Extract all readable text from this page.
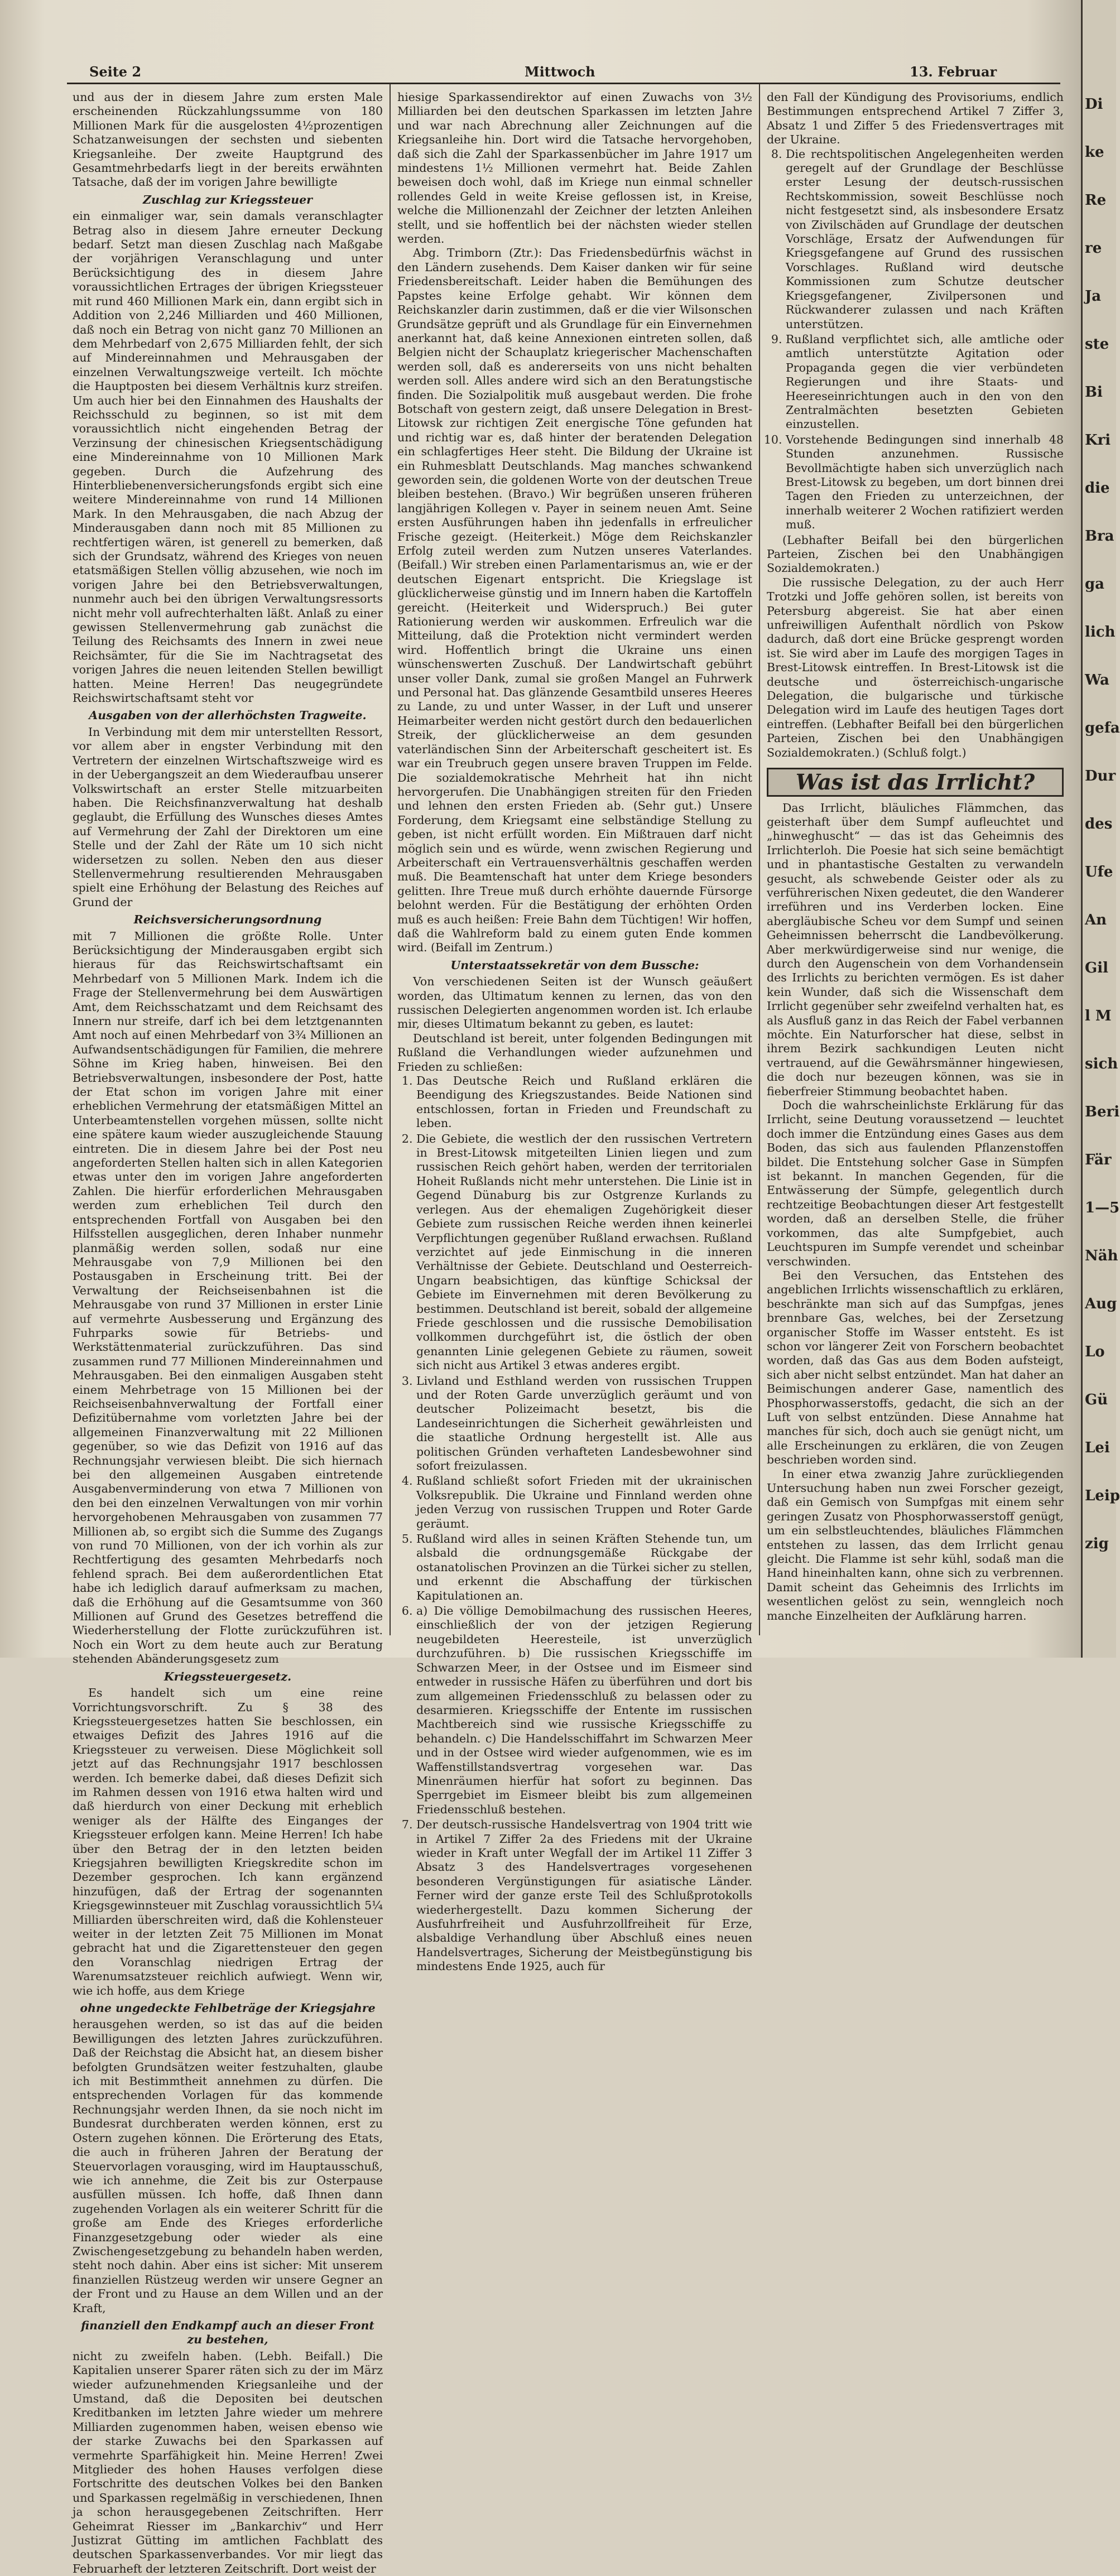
Seite 2	Mittwoch	13. Februar

und aus der in diesem Jahre zum ersten Male erscheinenden Rückzahlungssumme von 180 Millionen Mark für die ausgelosten 4½prozentigen Schatzanweisungen der sechsten und siebenten Kriegsanleihe. Der zweite Hauptgrund des Gesamtmehrbedarfs liegt in der bereits erwähnten Tatsache, daß der im vorigen Jahre bewilligte

Zuschlag zur Kriegssteuer

ein einmaliger war, sein damals veranschlagter Betrag also in diesem Jahre erneuter Deckung bedarf. Setzt man diesen Zuschlag nach Maßgabe der vorjährigen Veranschlagung und unter Berücksichtigung des in diesem Jahre voraussichtlichen Ertrages der übrigen Kriegssteuer mit rund 460 Millionen Mark ein, dann ergibt sich in Addition von 2,246 Milliarden und 460 Millionen, daß noch ein Betrag von nicht ganz 70 Millionen an dem Mehrbedarf von 2,675 Milliarden fehlt, der sich auf Mindereinnahmen und Mehrausgaben der einzelnen Verwaltungszweige verteilt. Ich möchte die Hauptposten bei diesem Verhältnis kurz streifen. Um auch hier bei den Einnahmen des Haushalts der Reichsschuld zu beginnen, so ist mit dem voraussichtlich nicht eingehenden Betrag der Verzinsung der chinesischen Kriegsentschädigung eine Mindereinnahme von 10 Millionen Mark gegeben. Durch die Aufzehrung des Hinterbliebenenversicherungsfonds ergibt sich eine weitere Mindereinnahme von rund 14 Millionen Mark. In den Mehrausgaben, die nach Abzug der Minderausgaben dann noch mit 85 Millionen zu rechtfertigen wären, ist generell zu bemerken, daß sich der Grundsatz, während des Krieges von neuen etatsmäßigen Stellen völlig abzusehen, wie noch im vorigen Jahre bei den Betriebsverwaltungen, nunmehr auch bei den übrigen Verwaltungsressorts nicht mehr voll aufrechterhalten läßt. Anlaß zu einer gewissen Stellenvermehrung gab zunächst die Teilung des Reichsamts des Innern in zwei neue Reichsämter, für die Sie im Nachtragsetat des vorigen Jahres die neuen leitenden Stellen bewilligt hatten. Meine Herren! Das neugegründete Reichswirtschaftsamt steht vor

Ausgaben von der allerhöchsten Tragweite.

In Verbindung mit dem mir unterstellten Ressort, vor allem aber in engster Verbindung mit den Vertretern der einzelnen Wirtschaftszweige wird es in der Uebergangszeit an dem Wiederaufbau unserer Volkswirtschaft an erster Stelle mitzuarbeiten haben. Die Reichsfinanzverwaltung hat deshalb geglaubt, die Erfüllung des Wunsches dieses Amtes auf Vermehrung der Zahl der Direktoren um eine Stelle und der Zahl der Räte um 10 sich nicht widersetzen zu sollen. Neben den aus dieser Stellenvermehrung resultierenden Mehrausgaben spielt eine Erhöhung der Belastung des Reiches auf Grund der

Reichsversicherungsordnung

mit 7 Millionen die größte Rolle. Unter Berücksichtigung der Minderausgaben ergibt sich hieraus für das Reichswirtschaftsamt ein Mehrbedarf von 5 Millionen Mark. Indem ich die Frage der Stellenvermehrung bei dem Auswärtigen Amt, dem Reichsschatzamt und dem Reichsamt des Innern nur streife, darf ich bei dem letztgenannten Amt noch auf einen Mehrbedarf von 3¾ Millionen an Aufwandsentschädigungen für Familien, die mehrere Söhne im Krieg haben, hinweisen. Bei den Betriebsverwaltungen, insbesondere der Post, hatte der Etat schon im vorigen Jahre mit einer erheblichen Vermehrung der etatsmäßigen Mittel an Unterbeamtenstellen vorgehen müssen, sollte nicht eine spätere kaum wieder auszugleichende Stauung eintreten. Die in diesem Jahre bei der Post neu angeforderten Stellen halten sich in allen Kategorien etwas unter den im vorigen Jahre angeforderten Zahlen. Die hierfür erforderlichen Mehrausgaben werden zum erheblichen Teil durch den entsprechenden Fortfall von Ausgaben bei den Hilfsstellen ausgeglichen, deren Inhaber nunmehr planmäßig werden sollen, sodaß nur eine Mehrausgabe von 7,9 Millionen bei den Postausgaben in Erscheinung tritt. Bei der Verwaltung der Reichseisenbahnen ist die Mehrausgabe von rund 37 Millionen in erster Linie auf vermehrte Ausbesserung und Ergänzung des Fuhrparks sowie für Betriebs- und Werkstättenmaterial zurückzuführen. Das sind zusammen rund 77 Millionen Mindereinnahmen und Mehrausgaben. Bei den einmaligen Ausgaben steht einem Mehrbetrage von 15 Millionen bei der Reichseisenbahnverwaltung der Fortfall einer Defizitübernahme vom vorletzten Jahre bei der allgemeinen Finanzverwaltung mit 22 Millionen gegenüber, so wie das Defizit von 1916 auf das Rechnungsjahr verwiesen bleibt. Die sich hiernach bei den allgemeinen Ausgaben eintretende Ausgabenverminderung von etwa 7 Millionen von den bei den einzelnen Verwaltungen von mir vorhin hervorgehobenen Mehrausgaben von zusammen 77 Millionen ab, so ergibt sich die Summe des Zugangs von rund 70 Millionen, von der ich vorhin als zur Rechtfertigung des gesamten Mehrbedarfs noch fehlend sprach. Bei dem außerordentlichen Etat habe ich lediglich darauf aufmerksam zu machen, daß die Erhöhung auf die Gesamtsumme von 360 Millionen auf Grund des Gesetzes betreffend die Wiederherstellung der Flotte zurückzuführen ist. Noch ein Wort zu dem heute auch zur Beratung stehenden Abänderungsgesetz zum

Kriegssteuergesetz.

Es handelt sich um eine reine Vorrichtungsvorschrift. Zu § 38 des Kriegssteuergesetzes hatten Sie beschlossen, ein etwaiges Defizit des Jahres 1916 auf die Kriegssteuer zu verweisen. Diese Möglichkeit soll jetzt auf das Rechnungsjahr 1917 beschlossen werden. Ich bemerke dabei, daß dieses Defizit sich im Rahmen dessen von 1916 etwa halten wird und daß hierdurch von einer Deckung mit erheblich weniger als der Hälfte des Einganges der Kriegssteuer erfolgen kann. Meine Herren! Ich habe über den Betrag der in den letzten beiden Kriegsjahren bewilligten Kriegskredite schon im Dezember gesprochen. Ich kann ergänzend hinzufügen, daß der Ertrag der sogenannten Kriegsgewinnsteuer mit Zuschlag voraussichtlich 5¼ Milliarden überschreiten wird, daß die Kohlensteuer weiter in der letzten Zeit 75 Millionen im Monat gebracht hat und die Zigarettensteuer den gegen den Voranschlag niedrigen Ertrag der Warenumsatzsteuer reichlich aufwiegt. Wenn wir, wie ich hoffe, aus dem Kriege

ohne ungedeckte Fehlbeträge der Kriegsjahre

herausgehen werden, so ist das auf die beiden Bewilligungen des letzten Jahres zurückzuführen. Daß der Reichstag die Absicht hat, an diesem bisher befolgten Grundsätzen weiter festzuhalten, glaube ich mit Bestimmtheit annehmen zu dürfen. Die entsprechenden Vorlagen für das kommende Rechnungsjahr werden Ihnen, da sie noch nicht im Bundesrat durchberaten werden können, erst zu Ostern zugehen können. Die Erörterung des Etats, die auch in früheren Jahren der Beratung der Steuervorlagen vorausging, wird im Hauptausschuß, wie ich annehme, die Zeit bis zur Osterpause ausfüllen müssen. Ich hoffe, daß Ihnen dann zugehenden Vorlagen als ein weiterer Schritt für die große am Ende des Krieges erforderliche Finanzgesetzgebung oder wieder als eine Zwischengesetzgebung zu behandeln haben werden, steht noch dahin. Aber eins ist sicher: Mit unserem finanziellen Rüstzeug werden wir unsere Gegner an der Front und zu Hause an dem Willen und an der Kraft,

finanziell den Endkampf auch an dieser Front zu bestehen,

nicht zu zweifeln haben. (Lebh. Beifall.) Die Kapitalien unserer Sparer räten sich zu der im März wieder aufzunehmenden Kriegsanleihe und der Umstand, daß die Depositen bei deutschen Kreditbanken im letzten Jahre wieder um mehrere Milliarden zugenommen haben, weisen ebenso wie der starke Zuwachs bei den Sparkassen auf vermehrte Sparfähigkeit hin. Meine Herren! Zwei Mitglieder des hohen Hauses verfolgen diese Fortschritte des deutschen Volkes bei den Banken und Sparkassen regelmäßig in verschiedenen, Ihnen ja schon herausgegebenen Zeitschriften. Herr Geheimrat Riesser im „Bankarchiv“ und Herr Justizrat Gütting im amtlichen Fachblatt des deutschen Sparkassenverbandes. Vor mir liegt das Februarheft der letzteren Zeitschrift. Dort weist der

hiesige Sparkassendirektor auf einen Zuwachs von 3½ Milliarden bei den deutschen Sparkassen im letzten Jahre und war nach Abrechnung aller Zeichnungen auf die Kriegsanleihe hin. Dort wird die Tatsache hervorgehoben, daß sich die Zahl der Sparkassenbücher im Jahre 1917 um mindestens 1½ Millionen vermehrt hat. Beide Zahlen beweisen doch wohl, daß im Kriege nun einmal schneller rollendes Geld in weite Kreise geflossen ist, in Kreise, welche die Millionenzahl der Zeichner der letzten Anleihen stellt, und sie hoffentlich bei der nächsten wieder stellen werden.

Abg. Trimborn (Ztr.): Das Friedensbedürfnis wächst in den Ländern zusehends. Dem Kaiser danken wir für seine Friedensbereitschaft. Leider haben die Bemühungen des Papstes keine Erfolge gehabt. Wir können dem Reichskanzler darin zustimmen, daß er die vier Wilsonschen Grundsätze geprüft und als Grundlage für ein Einvernehmen anerkannt hat, daß keine Annexionen eintreten sollen, daß Belgien nicht der Schauplatz kriegerischer Machenschaften werden soll, daß es andererseits von uns nicht behalten werden soll. Alles andere wird sich an den Beratungstische finden. Die Sozialpolitik muß ausgebaut werden. Die frohe Botschaft von gestern zeigt, daß unsere Delegation in Brest-Litowsk zur richtigen Zeit energische Töne gefunden hat und richtig war es, daß hinter der beratenden Delegation ein schlagfertiges Heer steht. Die Bildung der Ukraine ist ein Ruhmesblatt Deutschlands. Mag manches schwankend geworden sein, die goldenen Worte von der deutschen Treue bleiben bestehen. (Bravo.) Wir begrüßen unseren früheren langjährigen Kollegen v. Payer in seinem neuen Amt. Seine ersten Ausführungen haben ihn jedenfalls in erfreulicher Frische gezeigt. (Heiterkeit.) Möge dem Reichskanzler Erfolg zuteil werden zum Nutzen unseres Vaterlandes. (Beifall.) Wir streben einen Parlamentarismus an, wie er der deutschen Eigenart entspricht. Die Kriegslage ist glücklicherweise günstig und im Innern haben die Kartoffeln gereicht. (Heiterkeit und Widerspruch.) Bei guter Rationierung werden wir auskommen. Erfreulich war die Mitteilung, daß die Protektion nicht vermindert werden wird. Hoffentlich bringt die Ukraine uns einen wünschenswerten Zuschuß. Der Landwirtschaft gebührt unser voller Dank, zumal sie großen Mangel an Fuhrwerk und Personal hat. Das glänzende Gesamtbild unseres Heeres zu Lande, zu und unter Wasser, in der Luft und unserer Heimarbeiter werden nicht gestört durch den bedauerlichen Streik, der glücklicherweise an dem gesunden vaterländischen Sinn der Arbeiterschaft gescheitert ist. Es war ein Treubruch gegen unsere braven Truppen im Felde. Die sozialdemokratische Mehrheit hat ihn nicht hervorgerufen. Die Unabhängigen streiten für den Frieden und lehnen den ersten Frieden ab. (Sehr gut.) Unsere Forderung, dem Kriegsamt eine selbständige Stellung zu geben, ist nicht erfüllt worden. Ein Mißtrauen darf nicht möglich sein und es würde, wenn zwischen Regierung und Arbeiterschaft ein Vertrauensverhältnis geschaffen werden muß. Die Beamtenschaft hat unter dem Kriege besonders gelitten. Ihre Treue muß durch erhöhte dauernde Fürsorge belohnt werden. Für die Bestätigung der erhöhten Orden muß es auch heißen: Freie Bahn dem Tüchtigen! Wir hoffen, daß die Wahlreform bald zu einem guten Ende kommen wird. (Beifall im Zentrum.)

Unterstaatssekretär von dem Bussche:

Von verschiedenen Seiten ist der Wunsch geäußert worden, das Ultimatum kennen zu lernen, das von den russischen Delegierten angenommen worden ist. Ich erlaube mir, dieses Ultimatum bekannt zu geben, es lautet:

Deutschland ist bereit, unter folgenden Bedingungen mit Rußland die Verhandlungen wieder aufzunehmen und Frieden zu schließen:

1. Das Deutsche Reich und Rußland erklären die Beendigung des Kriegszustandes. Beide Nationen sind entschlossen, fortan in Frieden und Freundschaft zu leben.
2. Die Gebiete, die westlich der den russischen Vertretern in Brest-Litowsk mitgeteilten Linien liegen und zum russischen Reich gehört haben, werden der territorialen Hoheit Rußlands nicht mehr unterstehen. Die Linie ist in Gegend Dünaburg bis zur Ostgrenze Kurlands zu verlegen. Aus der ehemaligen Zugehörigkeit dieser Gebiete zum russischen Reiche werden ihnen keinerlei Verpflichtungen gegenüber Rußland erwachsen. Rußland verzichtet auf jede Einmischung in die inneren Verhältnisse der Gebiete. Deutschland und Oesterreich-Ungarn beabsichtigen, das künftige Schicksal der Gebiete im Einvernehmen mit deren Bevölkerung zu bestimmen. Deutschland ist bereit, sobald der allgemeine Friede geschlossen und die russische Demobilisation vollkommen durchgeführt ist, die östlich der oben genannten Linie gelegenen Gebiete zu räumen, soweit sich nicht aus Artikel 3 etwas anderes ergibt.
3. Livland und Esthland werden von russischen Truppen und der Roten Garde unverzüglich geräumt und von deutscher Polizeimacht besetzt, bis die Landeseinrichtungen die Sicherheit gewährleisten und die staatliche Ordnung hergestellt ist. Alle aus politischen Gründen verhafteten Landesbewohner sind sofort freizulassen.
4. Rußland schließt sofort Frieden mit der ukrainischen Volksrepublik. Die Ukraine und Finnland werden ohne jeden Verzug von russischen Truppen und Roter Garde geräumt.
5. Rußland wird alles in seinen Kräften Stehende tun, um alsbald die ordnungsgemäße Rückgabe der ostanatolischen Provinzen an die Türkei sicher zu stellen, und erkennt die Abschaffung der türkischen Kapitulationen an.
6. a) Die völlige Demobilmachung des russischen Heeres, einschließlich der von der jetzigen Regierung neugebildeten Heeresteile, ist unverzüglich durchzuführen. b) Die russischen Kriegsschiffe im Schwarzen Meer, in der Ostsee und im Eismeer sind entweder in russische Häfen zu überführen und dort bis zum allgemeinen Friedensschluß zu belassen oder zu desarmieren. Kriegsschiffe der Entente im russischen Machtbereich sind wie russische Kriegsschiffe zu behandeln. c) Die Handelsschiffahrt im Schwarzen Meer und in der Ostsee wird wieder aufgenommen, wie es im Waffenstillstandsvertrag vorgesehen war. Das Minenräumen hierfür hat sofort zu beginnen. Das Sperrgebiet im Eismeer bleibt bis zum allgemeinen Friedensschluß bestehen.
7. Der deutsch-russische Handelsvertrag von 1904 tritt wie in Artikel 7 Ziffer 2a des Friedens mit der Ukraine wieder in Kraft unter Wegfall der im Artikel 11 Ziffer 3 Absatz 3 des Handelsvertrages vorgesehenen besonderen Vergünstigungen für asiatische Länder. Ferner wird der ganze erste Teil des Schlußprotokolls wiederhergestellt. Dazu kommen Sicherung der Ausfuhrfreiheit und Ausfuhrzollfreiheit für Erze, alsbaldige Verhandlung über Abschluß eines neuen Handelsvertrages, Sicherung der Meistbegünstigung bis mindestens Ende 1925, auch für

den Fall der Kündigung des Provisoriums, endlich Bestimmungen entsprechend Artikel 7 Ziffer 3, Absatz 1 und Ziffer 5 des Friedensvertrages mit der Ukraine.

8. Die rechtspolitischen Angelegenheiten werden geregelt auf der Grundlage der Beschlüsse erster Lesung der deutsch-russischen Rechtskommission, soweit Beschlüsse noch nicht festgesetzt sind, als insbesondere Ersatz von Zivilschäden auf Grundlage der deutschen Vorschläge, Ersatz der Aufwendungen für Kriegsgefangene auf Grund des russischen Vorschlages. Rußland wird deutsche Kommissionen zum Schutze deutscher Kriegsgefangener, Zivilpersonen und Rückwanderer zulassen und nach Kräften unterstützen.
9. Rußland verpflichtet sich, alle amtliche oder amtlich unterstützte Agitation oder Propaganda gegen die vier verbündeten Regierungen und ihre Staats- und Heereseinrichtungen auch in den von den Zentralmächten besetzten Gebieten einzustellen.
10. Vorstehende Bedingungen sind innerhalb 48 Stunden anzunehmen. Russische Bevollmächtigte haben sich unverzüglich nach Brest-Litowsk zu begeben, um dort binnen drei Tagen den Frieden zu unterzeichnen, der innerhalb weiterer 2 Wochen ratifiziert werden muß.

(Lebhafter Beifall bei den bürgerlichen Parteien, Zischen bei den Unabhängigen Sozialdemokraten.)

Die russische Delegation, zu der auch Herr Trotzki und Joffe gehören sollen, ist bereits von Petersburg abgereist. Sie hat aber einen unfreiwilligen Aufenthalt nördlich von Pskow dadurch, daß dort eine Brücke gesprengt worden ist. Sie wird aber im Laufe des morgigen Tages in Brest-Litowsk eintreffen. In Brest-Litowsk ist die deutsche und österreichisch-ungarische Delegation, die bulgarische und türkische Delegation wird im Laufe des heutigen Tages dort eintreffen. (Lebhafter Beifall bei den bürgerlichen Parteien, Zischen bei den Unabhängigen Sozialdemokraten.) (Schluß folgt.)

Was ist das Irrlicht?

Das Irrlicht, bläuliches Flämmchen, das geisterhaft über dem Sumpf aufleuchtet und „hinweghuscht“ — das ist das Geheimnis des Irrlichterloh. Die Poesie hat sich seine bemächtigt und in phantastische Gestalten zu verwandeln gesucht, als schwebende Geister oder als zu verführerischen Nixen gedeutet, die den Wanderer irreführen und ins Verderben locken. Eine abergläubische Scheu vor dem Sumpf und seinen Geheimnissen beherrscht die Landbevölkerung. Aber merkwürdigerweise sind nur wenige, die durch den Augenschein von dem Vorhandensein des Irrlichts zu berichten vermögen. Es ist daher kein Wunder, daß sich die Wissenschaft dem Irrlicht gegenüber sehr zweifelnd verhalten hat, es als Ausfluß ganz in das Reich der Fabel verbannen möchte. Ein Naturforscher hat diese, selbst in ihrem Bezirk sachkundigen Leuten nicht vertrauend, auf die Gewährsmänner hingewiesen, die doch nur bezeugen können, was sie in fieberfreier Stimmung beobachtet haben.

Doch die wahrscheinlichste Erklärung für das Irrlicht, seine Deutung voraussetzend — leuchtet doch immer die Entzündung eines Gases aus dem Boden, das sich aus faulenden Pflanzenstoffen bildet. Die Entstehung solcher Gase in Sümpfen ist bekannt. In manchen Gegenden, für die Entwässerung der Sümpfe, gelegentlich durch rechtzeitige Beobachtungen dieser Art festgestellt worden, daß an derselben Stelle, die früher vorkommen, das alte Sumpfgebiet, auch Leuchtspuren im Sumpfe verendet und scheinbar verschwinden.

Bei den Versuchen, das Entstehen des angeblichen Irrlichts wissenschaftlich zu erklären, beschränkte man sich auf das Sumpfgas, jenes brennbare Gas, welches, bei der Zersetzung organischer Stoffe im Wasser entsteht. Es ist schon vor längerer Zeit von Forschern beobachtet worden, daß das Gas aus dem Boden aufsteigt, sich aber nicht selbst entzündet. Man hat daher an Beimischungen anderer Gase, namentlich des Phosphorwasserstoffs, gedacht, die sich an der Luft von selbst entzünden. Diese Annahme hat manches für sich, doch auch sie genügt nicht, um alle Erscheinungen zu erklären, die von Zeugen beschrieben worden sind.

In einer etwa zwanzig Jahre zurückliegenden Untersuchung haben nun zwei Forscher gezeigt, daß ein Gemisch von Sumpfgas mit einem sehr geringen Zusatz von Phosphorwasserstoff genügt, um ein selbstleuchtendes, bläuliches Flämmchen entstehen zu lassen, das dem Irrlicht genau gleicht. Die Flamme ist sehr kühl, sodaß man die Hand hineinhalten kann, ohne sich zu verbrennen. Damit scheint das Geheimnis des Irrlichts im wesentlichen gelöst zu sein, wenngleich noch manche Einzelheiten der Aufklärung harren.

Di
ke
Re
re
Ja
ste
Bi
Kri
die
Bra
ga
lich
Wa
gefa
Dur
des
Ufe
An
Gil
l M
sich
Beri
Fär
1—5
Näh
Aug
Lo
Gü
Lei
Leip
zig
